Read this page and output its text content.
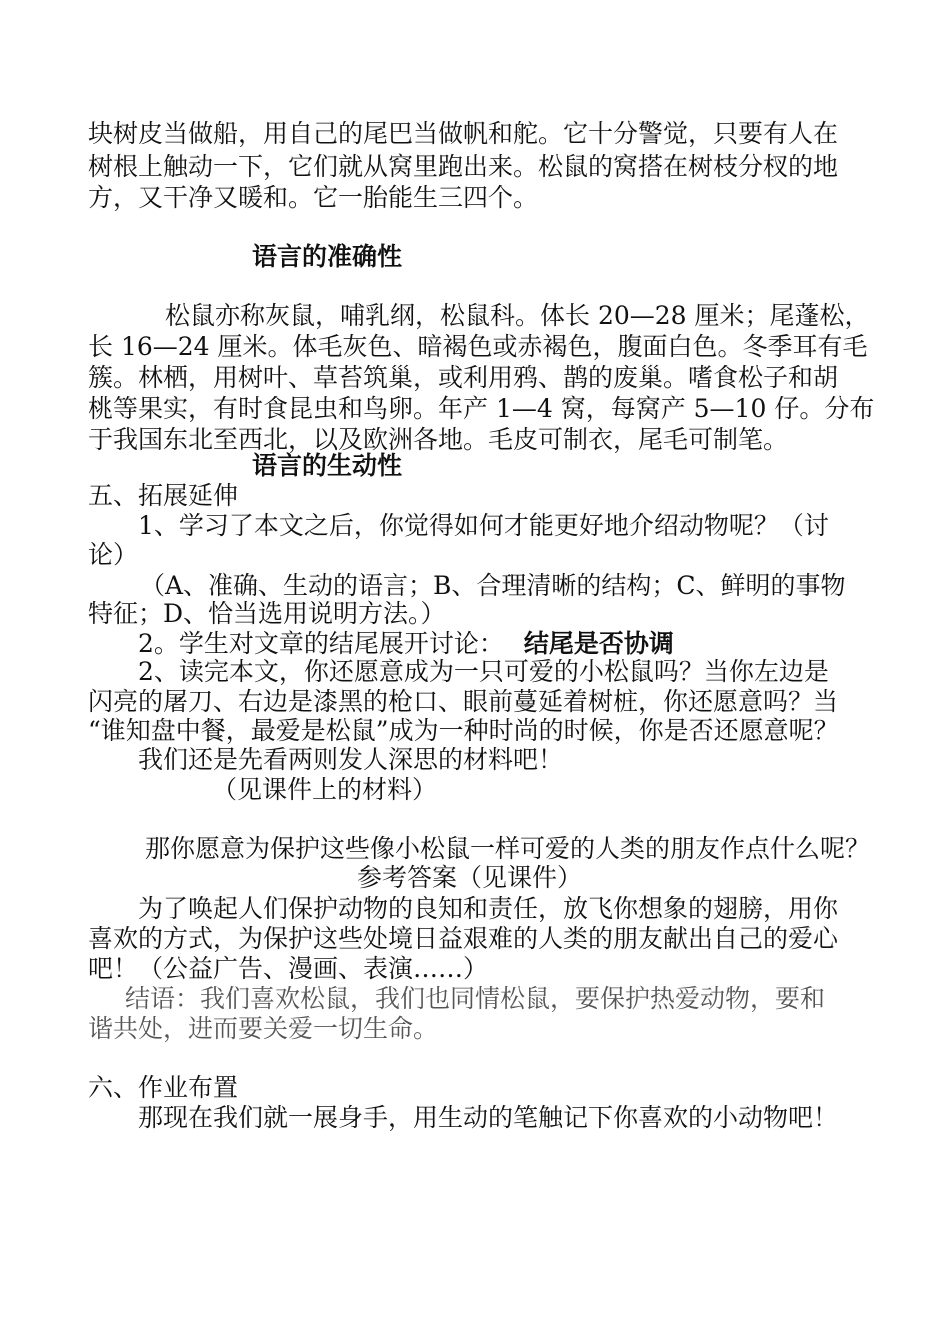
块树皮当做船，用自己的尾巴当做帆和舵。它十分警觉，只要有人在
树根上触动一下，它们就从窝里跑出来。松鼠的窝搭在树枝分杈的地
方，又干净又暖和。它一胎能生三四个。
语言的准确性
松鼠亦称灰鼠，哺乳纲，松鼠科。体长 20—28 厘米；尾蓬松，
长 16—24 厘米。体毛灰色、暗褐色或赤褐色，腹面白色。冬季耳有毛
簇。林栖，用树叶、草苔筑巢，或利用鸦、鹊的废巢。嗜食松子和胡
桃等果实，有时食昆虫和鸟卵。年产 1—4 窝，每窝产 5—10 仔。分布
于我国东北至西北，以及欧洲各地。毛皮可制衣，尾毛可制笔。
语言的生动性
五、拓展延伸
1、学习了本文之后，你觉得如何才能更好地介绍动物呢？（讨
论）
（A、准确、生动的语言；B、合理清晰的结构；C、鲜明的事物
特征；D、恰当选用说明方法。）
2。学生对文章的结尾展开讨论： 结尾是否协调
2、读完本文，你还愿意成为一只可爱的小松鼠吗？当你左边是
闪亮的屠刀、右边是漆黑的枪口、眼前蔓延着树桩，你还愿意吗？当
“谁知盘中餐，最爱是松鼠”成为一种时尚的时候，你是否还愿意呢？
我们还是先看两则发人深思的材料吧！
（见课件上的材料）
那你愿意为保护这些像小松鼠一样可爱的人类的朋友作点什么呢？
参考答案（见课件）
为了唤起人们保护动物的良知和责任，放飞你想象的翅膀，用你
喜欢的方式，为保护这些处境日益艰难的人类的朋友献出自己的爱心
吧！（公益广告、漫画、表演……）
结语：我们喜欢松鼠，我们也同情松鼠，要保护热爱动物，要和
谐共处，进而要关爱一切生命。
六、作业布置
那现在我们就一展身手，用生动的笔触记下你喜欢的小动物吧！
